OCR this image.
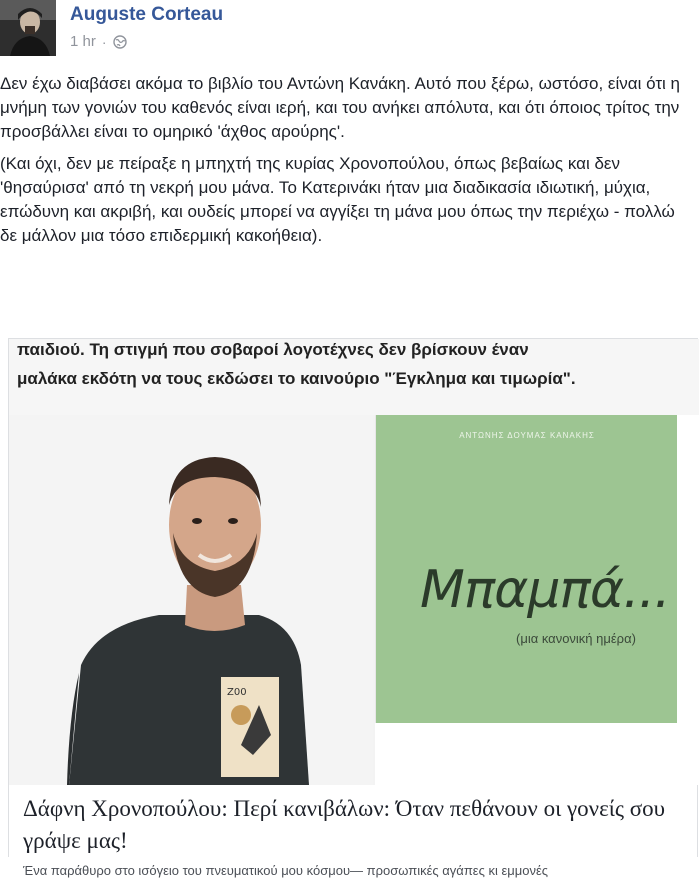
Auguste Corteau
1 hr ·

Δεν έχω διαβάσει ακόμα το βιβλίο του Αντώνη Κανάκη. Αυτό που ξέρω, ωστόσο, είναι ότι η μνήμη των γονιών του καθενός είναι ιερή, και του ανήκει απόλυτα, και ότι όποιος τρίτος την προσβάλλει είναι το ομηρικό 'άχθος αρούρης'.

(Και όχι, δεν με πείραξε η μπηχτή της κυρίας Χρονοπούλου, όπως βεβαίως και δεν 'θησαύρισα' από τη νεκρή μου μάνα. Το Κατερινάκι ήταν μια διαδικασία ιδιωτική, μύχια, επώδυνη και ακριβή, και ουδείς μπορεί να αγγίξει τη μάνα μου όπως την περιέχω - πολλώ δε μάλλον μια τόσο επιδερμική κακοήθεια).

παιδιού. Τη στιγμή που σοβαροί λογοτέχνες δεν βρίσκουν έναν
μαλάκα εκδότη να τους εκδώσει το καινούριο "Έγκλημα και τιμωρία".
Z00
ΑΝΤΩΝΗΣ ΔΟΥΜΑΣ ΚΑΝΑΚΗΣ
Μπαμπά...
(μια κανονική ημέρα)
Δάφνη Χρονοπούλου: Περί κανιβάλων: Όταν πεθάνουν οι γονείς σου γράψε μας!
Ένα παράθυρο στο ισόγειο του πνευματικού μου κόσμου— προσωπικές αγάπες κι εμμονές
